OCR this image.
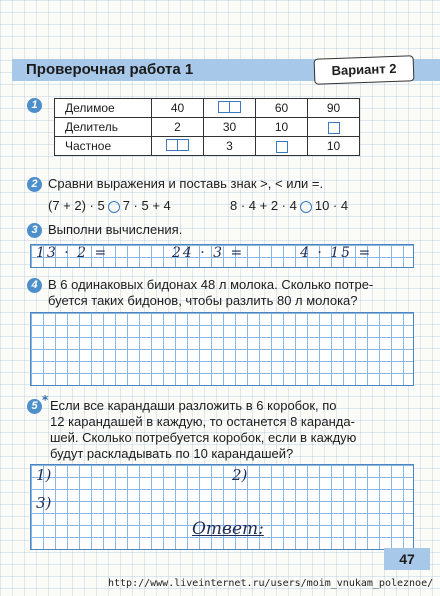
Проверочная работа 1	Вариант 2
1	Делимое	40		60	90
Делитель	2	30	10	
Частное		3		10
2 Сравни выражения и поставь знак >, < или =.
(7 + 2) · 5 7 · 5 + 4	8 · 4 + 2 · 4 10 · 4
3 Выполни вычисления.
13 · 2 =	24 · 3 =	4 · 15 =
4 В 6 одинаковых бидонах 48 л молока. Сколько потре-
буется таких бидонов, чтобы разлить 80 л молока?
5 * Если все карандаши разложить в 6 коробок, по
12 карандашей в каждую, то останется 8 каранда-
шей. Сколько потребуется коробок, если в каждую
будут раскладывать по 10 карандашей?
1)	2)
3)
Ответ:
47
http://www.liveinternet.ru/users/moim_vnukam_poleznoe/
